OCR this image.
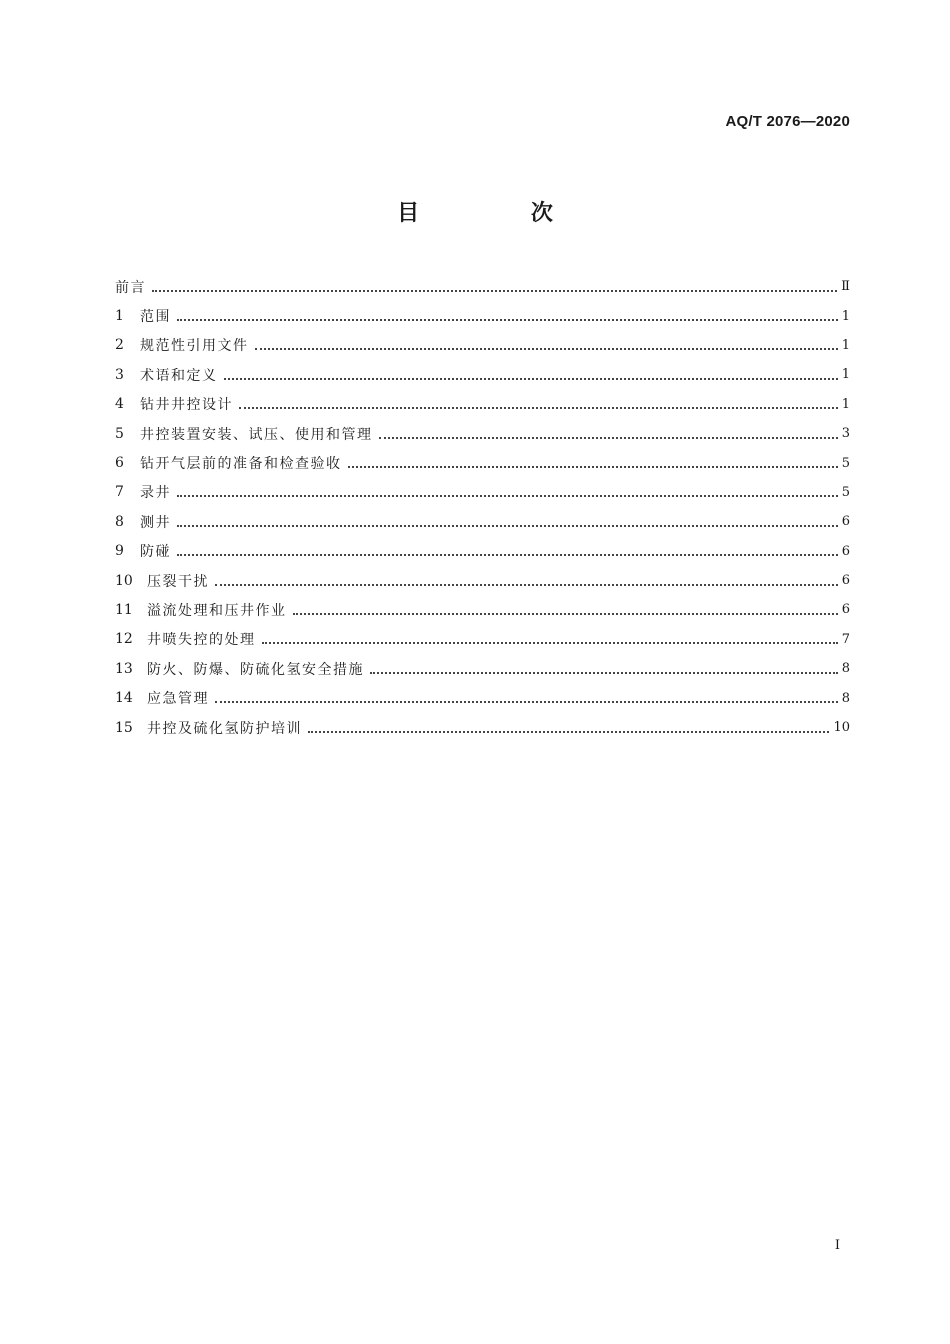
AQ/T 2076—2020
目 次
前言	Ⅱ
1	范围	1
2	规范性引用文件	1
3	术语和定义	1
4	钻井井控设计	1
5	井控装置安装、试压、使用和管理	3
6	钻开气层前的准备和检查验收	5
7	录井	5
8	测井	6
9	防碰	6
10	压裂干扰	6
11	溢流处理和压井作业	6
12	井喷失控的处理	7
13	防火、防爆、防硫化氢安全措施	8
14	应急管理	8
15	井控及硫化氢防护培训	10
I
